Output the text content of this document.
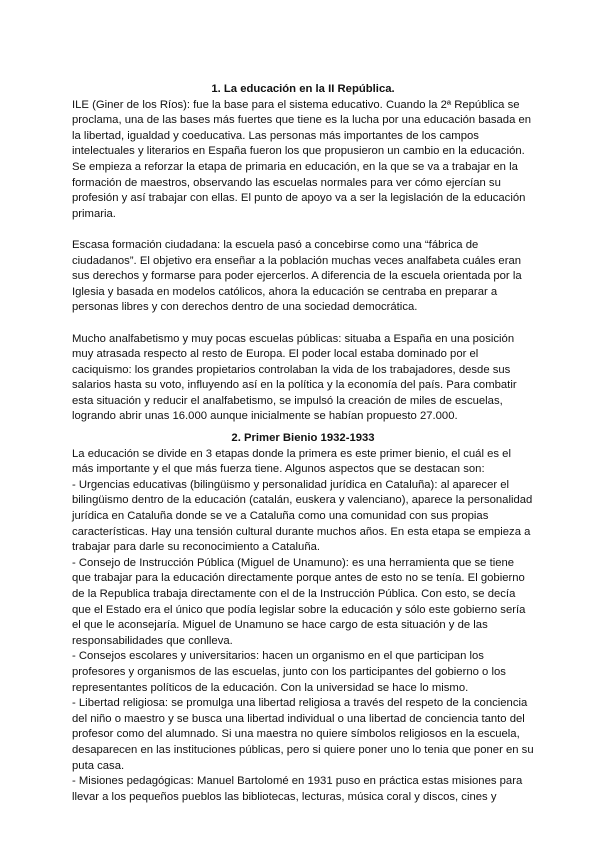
1. La educación en la II República.

ILE (Giner de los Ríos): fue la base para el sistema educativo. Cuando la 2ª República se proclama, una de las bases más fuertes que tiene es la lucha por una educación basada en la libertad, igualdad y coeducativa. Las personas más importantes de los campos intelectuales y literarios en España fueron los que propusieron un cambio en la educación. Se empieza a reforzar la etapa de primaria en educación, en la que se va a trabajar en la formación de maestros, observando las escuelas normales para ver cómo ejercían su profesión y así trabajar con ellas. El punto de apoyo va a ser la legislación de la educación primaria.

Escasa formación ciudadana: la escuela pasó a concebirse como una “fábrica de ciudadanos”. El objetivo era enseñar a la población muchas veces analfabeta cuáles eran sus derechos y formarse para poder ejercerlos. A diferencia de la escuela orientada por la Iglesia y basada en modelos católicos, ahora la educación se centraba en preparar a personas libres y con derechos dentro de una sociedad democrática.

Mucho analfabetismo y muy pocas escuelas públicas: situaba a España en una posición muy atrasada respecto al resto de Europa. El poder local estaba dominado por el caciquismo: los grandes propietarios controlaban la vida de los trabajadores, desde sus salarios hasta su voto, influyendo así en la política y la economía del país. Para combatir esta situación y reducir el analfabetismo, se impulsó la creación de miles de escuelas, logrando abrir unas 16.000 aunque inicialmente se habían propuesto 27.000.

2. Primer Bienio 1932-1933

La educación se divide en 3 etapas donde la primera es este primer bienio, el cuál es el más importante y el que más fuerza tiene. Algunos aspectos que se destacan son:

- Urgencias educativas (bilingüismo y personalidad jurídica en Cataluña): al aparecer el bilingüismo dentro de la educación (catalán, euskera y valenciano), aparece la personalidad jurídica en Cataluña donde se ve a Cataluña como una comunidad con sus propias características. Hay una tensión cultural durante muchos años. En esta etapa se empieza a trabajar para darle su reconocimiento a Cataluña.

- Consejo de Instrucción Pública (Miguel de Unamuno): es una herramienta que se tiene que trabajar para la educación directamente porque antes de esto no se tenía. El gobierno de la Republica trabaja directamente con el de la Instrucción Pública. Con esto, se decía que el Estado era el único que podía legislar sobre la educación y sólo este gobierno sería el que le aconsejaría. Miguel de Unamuno se hace cargo de esta situación y de las responsabilidades que conlleva.

- Consejos escolares y universitarios: hacen un organismo en el que participan los profesores y organismos de las escuelas, junto con los participantes del gobierno o los representantes políticos de la educación. Con la universidad se hace lo mismo.

- Libertad religiosa: se promulga una libertad religiosa a través del respeto de la conciencia del niño o maestro y se busca una libertad individual o una libertad de conciencia tanto del profesor como del alumnado. Si una maestra no quiere símbolos religiosos en la escuela, desaparecen en las instituciones públicas, pero si quiere poner uno lo tenia que poner en su puta casa.

- Misiones pedagógicas: Manuel Bartolomé en 1931 puso en práctica estas misiones para llevar a los pequeños pueblos las bibliotecas, lecturas, música coral y discos, cines y
